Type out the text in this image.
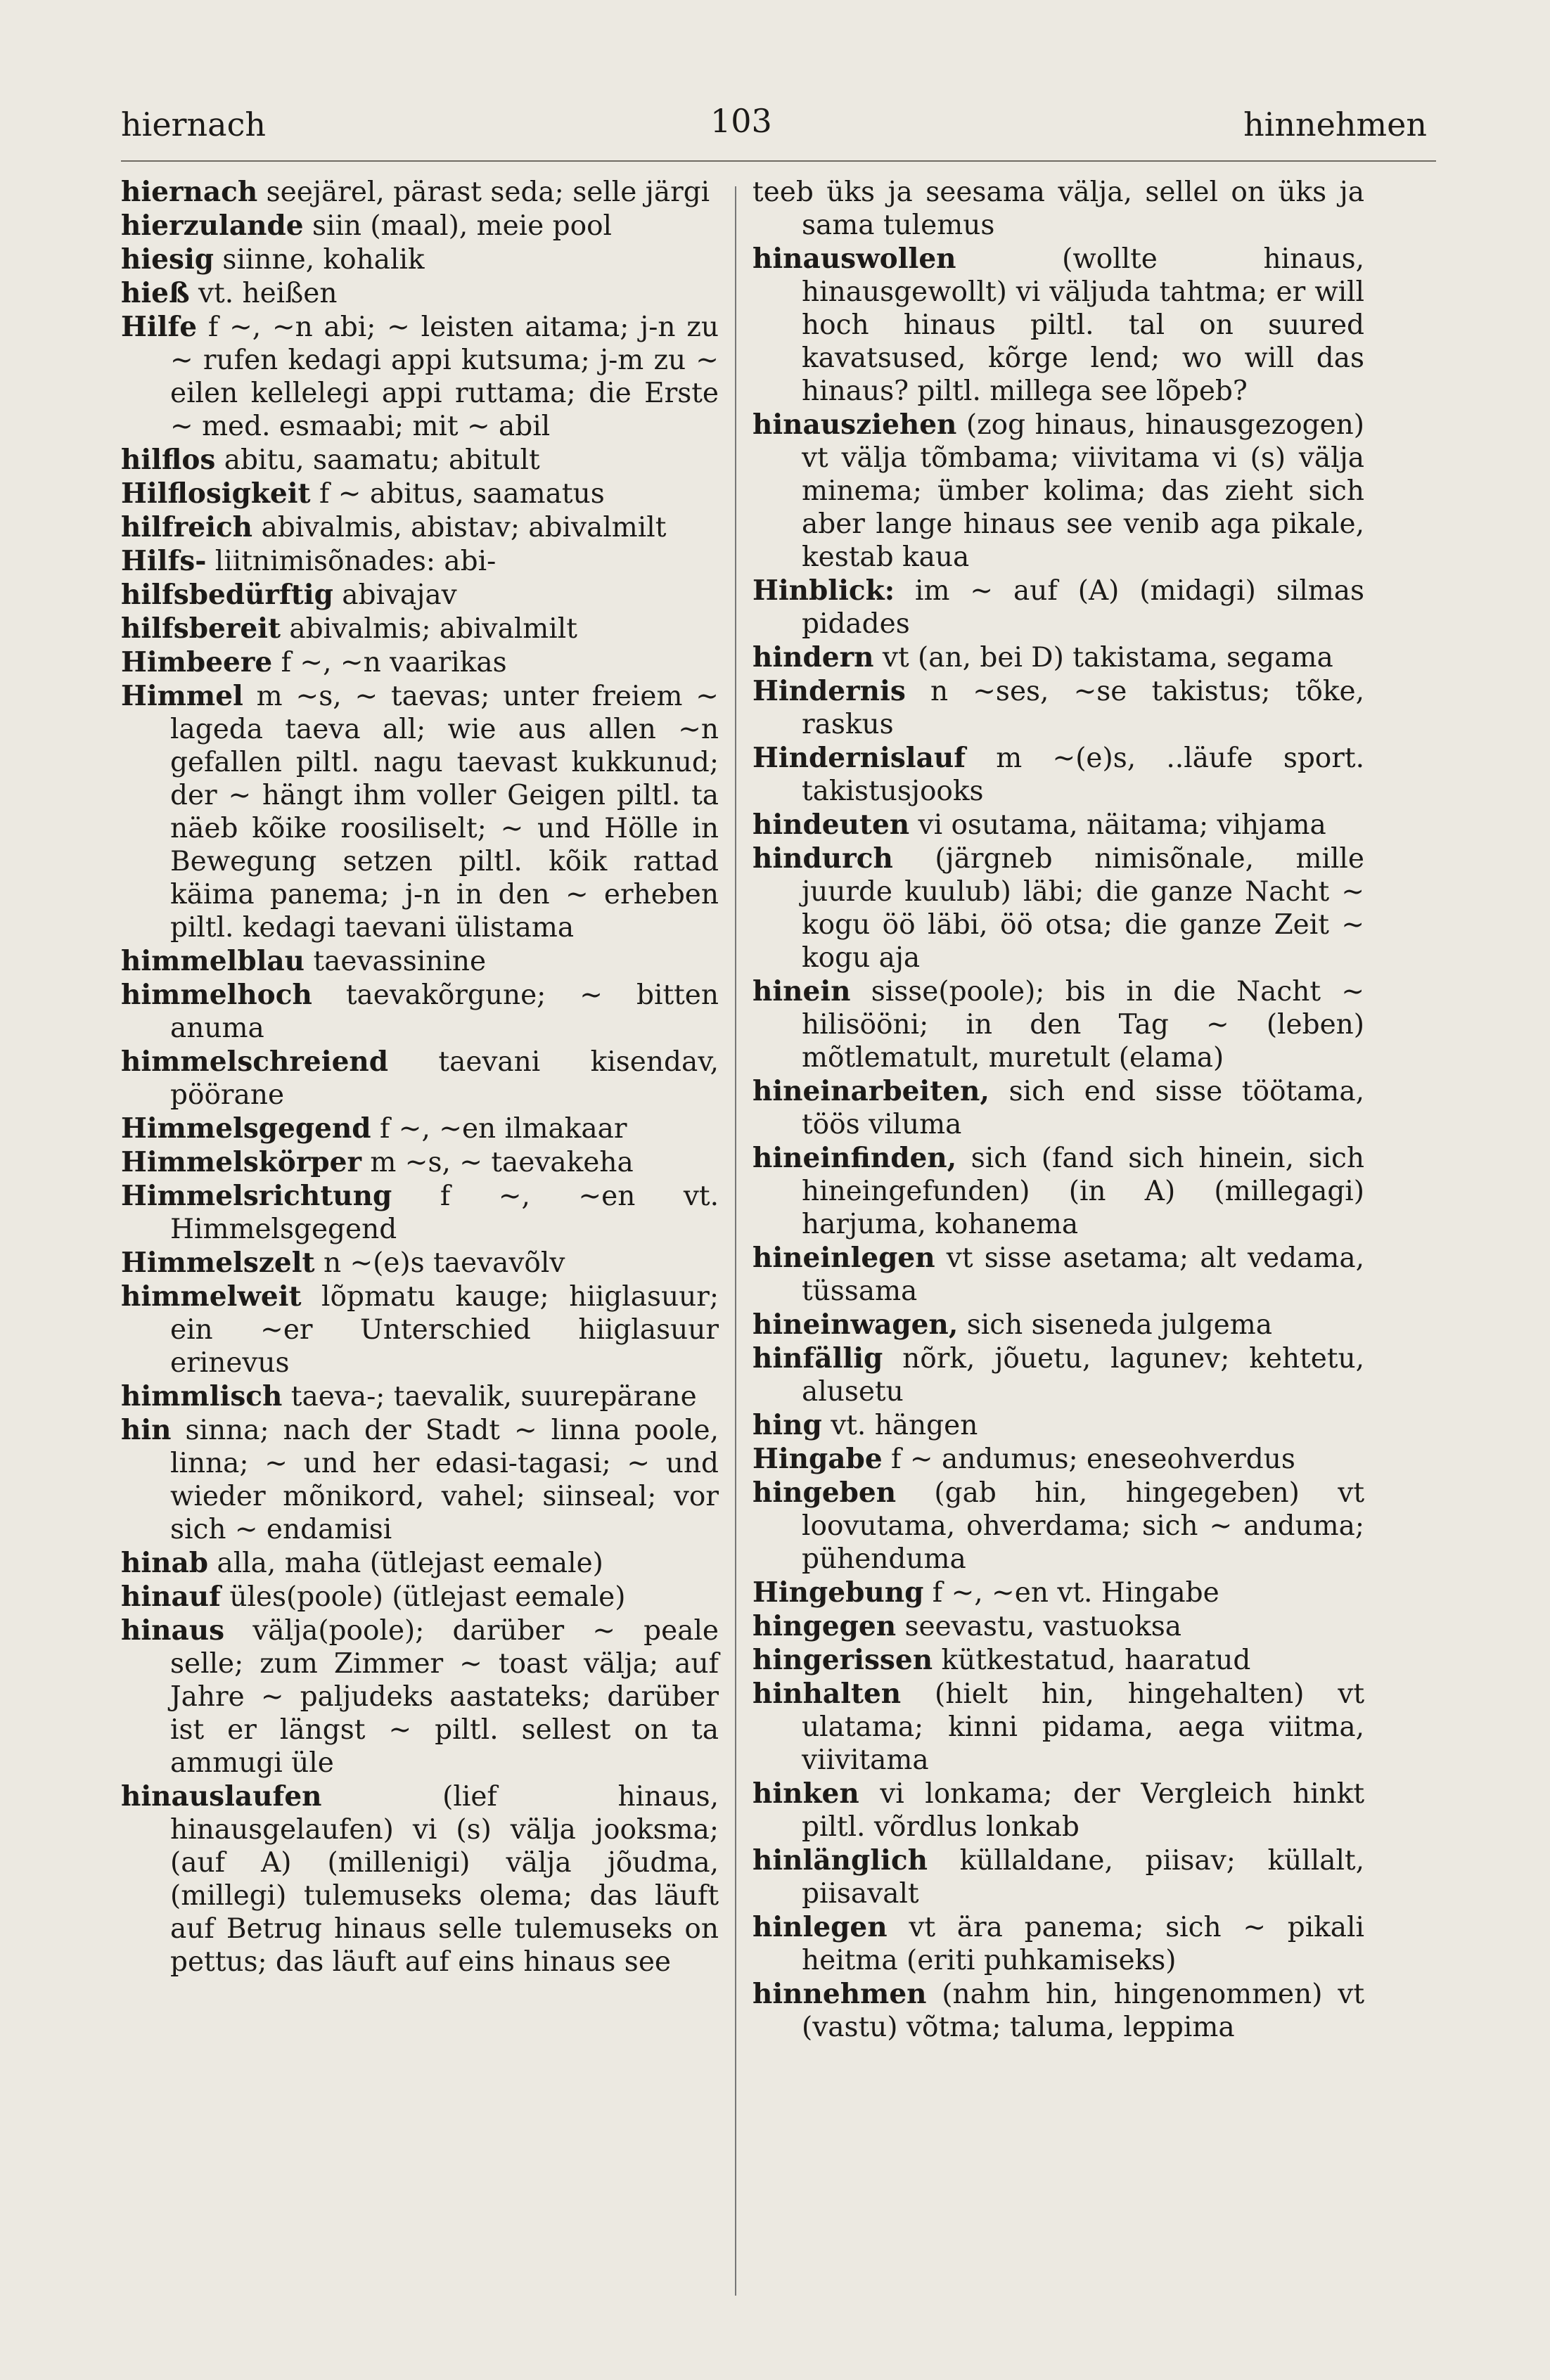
hiernach	103	hinnehmen

hiernach seejärel, pärast seda; selle järgi

hierzulande siin (maal), meie pool

hiesig siinne, kohalik

hieß vt. heißen

Hilfe f ~, ~n abi; ~ leisten aitama; j-n zu ~ rufen kedagi appi kutsuma; j-m zu ~ eilen kellelegi appi ruttama; die Erste ~ med. esmaabi; mit ~ abil

hilflos abitu, saamatu; abitult

Hilflosigkeit f ~ abitus, saamatus

hilfreich abivalmis, abistav; abivalmilt

Hilfs- liitnimisõnades: abi-

hilfsbedürftig abivajav

hilfsbereit abivalmis; abivalmilt

Himbeere f ~, ~n vaarikas

Himmel m ~s, ~ taevas; unter freiem ~ lageda taeva all; wie aus allen ~n gefallen piltl. nagu taevast kukkunud; der ~ hängt ihm voller Geigen piltl. ta näeb kõike roosiliselt; ~ und Hölle in Bewegung setzen piltl. kõik rattad käima panema; j-n in den ~ erheben piltl. kedagi taevani ülistama

himmelblau taevassinine

himmelhoch taevakõrgune; ~ bitten anuma

himmelschreiend taevani kisendav, pöörane

Himmelsgegend f ~, ~en ilmakaar

Himmelskörper m ~s, ~ taevakeha

Himmelsrichtung f ~, ~en vt. Himmelsgegend

Himmelszelt n ~(e)s taevavõlv

himmelweit lõpmatu kauge; hiiglasuur; ein ~er Unterschied hiiglasuur erinevus

himmlisch taeva-; taevalik, suurepärane

hin sinna; nach der Stadt ~ linna poole, linna; ~ und her edasi-tagasi; ~ und wieder mõnikord, vahel; siinseal; vor sich ~ endamisi

hinab alla, maha (ütlejast eemale)

hinauf üles(poole) (ütlejast eemale)

hinaus välja(poole); darüber ~ peale selle; zum Zimmer ~ toast välja; auf Jahre ~ paljudeks aastateks; darüber ist er längst ~ piltl. sellest on ta ammugi üle

hinauslaufen (lief hinaus, hinausgelaufen) vi (s) välja jooksma; (auf A) (millenigi) välja jõudma, (millegi) tulemuseks olema; das läuft auf Betrug hinaus selle tulemuseks on pettus; das läuft auf eins hinaus see

teeb üks ja seesama välja, sellel on üks ja sama tulemus

hinauswollen (wollte hinaus, hinausgewollt) vi väljuda tahtma; er will hoch hinaus piltl. tal on suured kavatsused, kõrge lend; wo will das hinaus? piltl. millega see lõpeb?

hinausziehen (zog hinaus, hinausgezogen) vt välja tõmbama; viivitama vi (s) välja minema; ümber kolima; das zieht sich aber lange hinaus see venib aga pikale, kestab kaua

Hinblick: im ~ auf (A) (midagi) silmas pidades

hindern vt (an, bei D) takistama, segama

Hindernis n ~ses, ~se takistus; tõke, raskus

Hindernislauf m ~(e)s, ..läufe sport. takistusjooks

hindeuten vi osutama, näitama; vihjama

hindurch (järgneb nimisõnale, mille juurde kuulub) läbi; die ganze Nacht ~ kogu öö läbi, öö otsa; die ganze Zeit ~ kogu aja

hinein sisse(poole); bis in die Nacht ~ hilisööni; in den Tag ~ (leben) mõtlematult, muretult (elama)

hineinarbeiten, sich end sisse töötama, töös viluma

hineinfinden, sich (fand sich hinein, sich hineingefunden) (in A) (millegagi) harjuma, kohanema

hineinlegen vt sisse asetama; alt vedama, tüssama

hineinwagen, sich siseneda julgema

hinfällig nõrk, jõuetu, lagunev; kehtetu, alusetu

hing vt. hängen

Hingabe f ~ andumus; eneseohverdus

hingeben (gab hin, hingegeben) vt loovutama, ohverdama; sich ~ andumа; pühenduma

Hingebung f ~, ~en vt. Hingabe

hingegen seevastu, vastuoksa

hingerissen kütkestatud, haaratud

hinhalten (hielt hin, hingehalten) vt ulatama; kinni pidama, aega viitma, viivitama

hinken vi lonkama; der Vergleich hinkt piltl. võrdlus lonkab

hinlänglich küllaldane, piisav; küllalt, piisavalt

hinlegen vt ära panema; sich ~ pikali heitma (eriti puhkamiseks)

hinnehmen (nahm hin, hingenommen) vt (vastu) võtma; taluma, leppima
